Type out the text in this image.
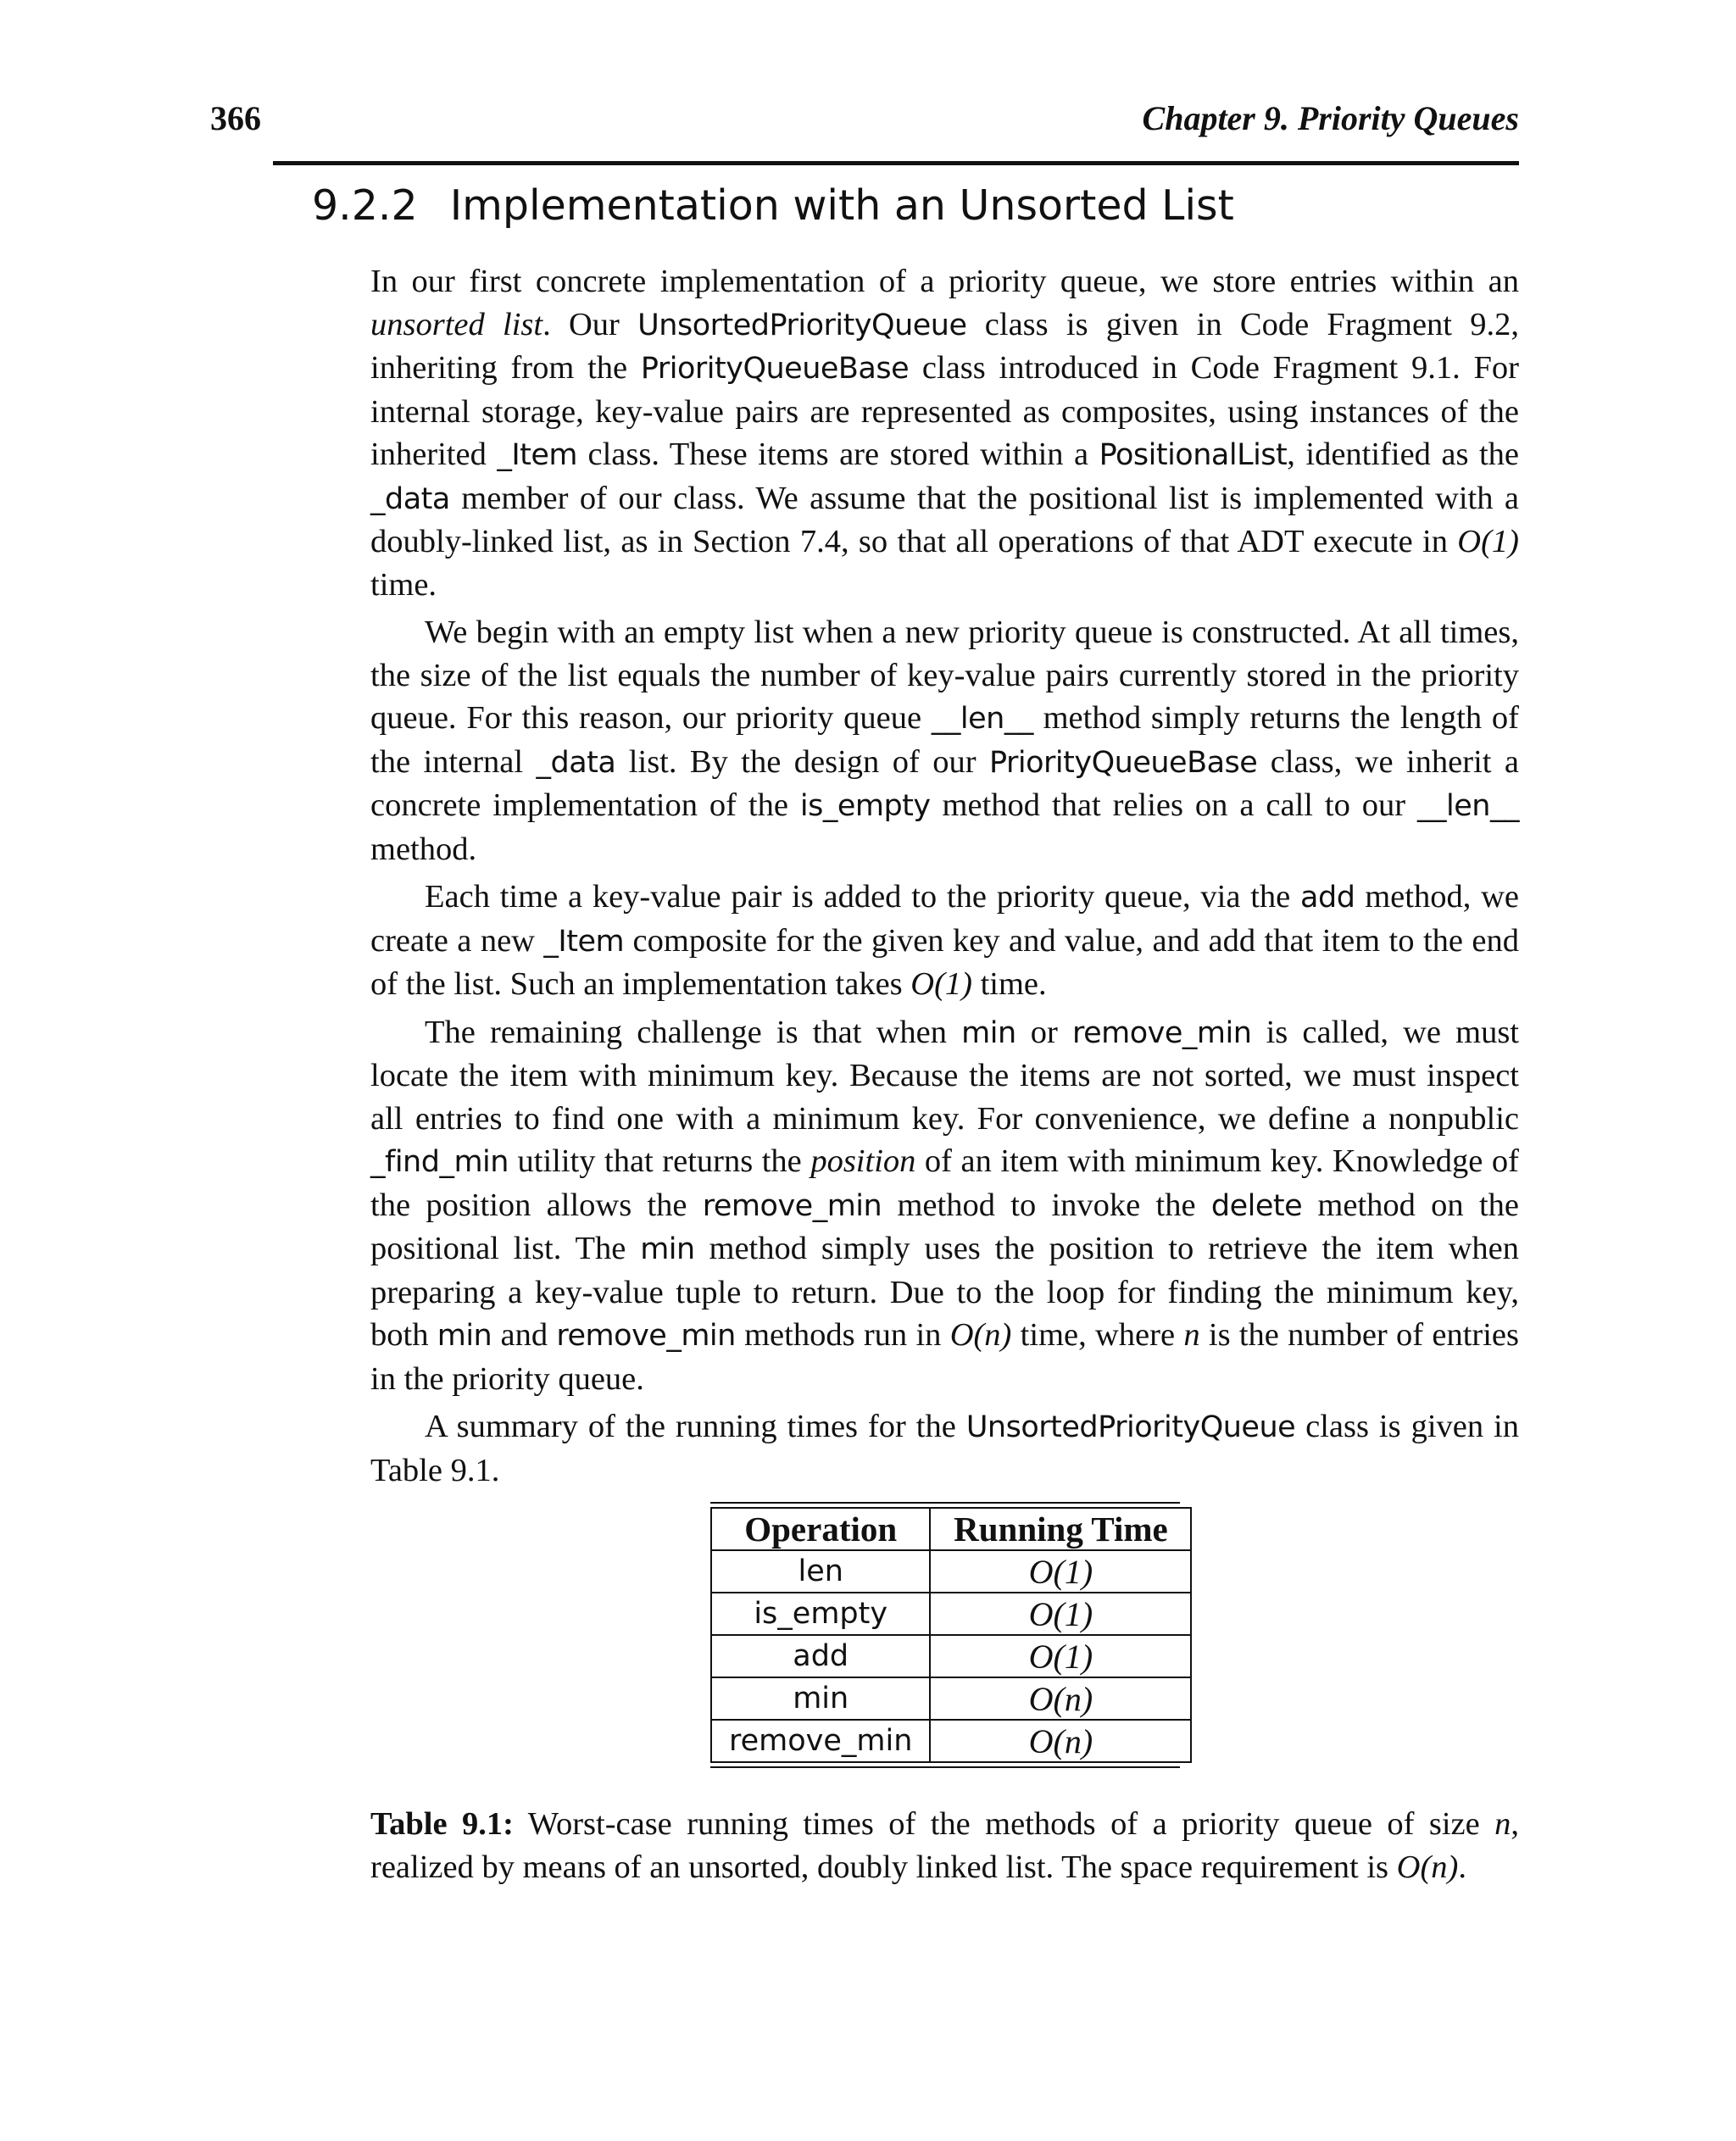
366	Chapter 9. Priority Queues
9.2.2 Implementation with an Unsorted List

In our first concrete implementation of a priority queue, we store entries within an unsorted list. Our UnsortedPriorityQueue class is given in Code Fragment 9.2, inheriting from the PriorityQueueBase class introduced in Code Fragment 9.1. For internal storage, key-value pairs are represented as composites, using instances of the inherited _Item class. These items are stored within a PositionalList, identified as the _data member of our class. We assume that the positional list is implemented with a doubly-linked list, as in Section 7.4, so that all operations of that ADT execute in O(1) time.

We begin with an empty list when a new priority queue is constructed. At all times, the size of the list equals the number of key-value pairs currently stored in the priority queue. For this reason, our priority queue __len__ method simply returns the length of the internal _data list. By the design of our PriorityQueueBase class, we inherit a concrete implementation of the is_empty method that relies on a call to our __len__ method.

Each time a key-value pair is added to the priority queue, via the add method, we create a new _Item composite for the given key and value, and add that item to the end of the list. Such an implementation takes O(1) time.

The remaining challenge is that when min or remove_min is called, we must locate the item with minimum key. Because the items are not sorted, we must inspect all entries to find one with a minimum key. For convenience, we define a nonpublic _find_min utility that returns the position of an item with minimum key. Knowledge of the position allows the remove_min method to invoke the delete method on the positional list. The min method simply uses the position to retrieve the item when preparing a key-value tuple to return. Due to the loop for finding the minimum key, both min and remove_min methods run in O(n) time, where n is the number of entries in the priority queue.

A summary of the running times for the UnsortedPriorityQueue class is given in Table 9.1.

Operation	Running Time
len	O(1)
is_empty	O(1)
add	O(1)
min	O(n)
remove_min	O(n)
Table 9.1: Worst-case running times of the methods of a priority queue of size n, realized by means of an unsorted, doubly linked list. The space requirement is O(n).
